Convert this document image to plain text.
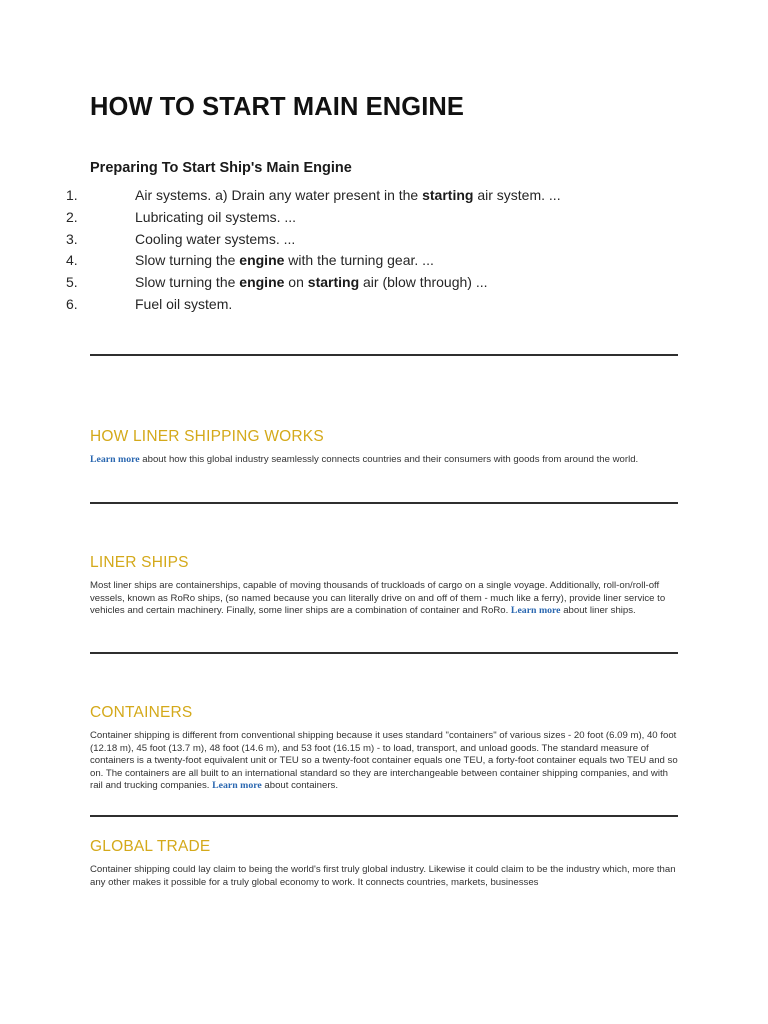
HOW TO START MAIN ENGINE
Preparing To Start Ship's Main Engine
1.	Air systems. a) Drain any water present in the starting air system. ...
2.	Lubricating oil systems. ...
3.	Cooling water systems. ...
4.	Slow turning the engine with the turning gear. ...
5.	Slow turning the engine on starting air (blow through) ...
6.	Fuel oil system.
HOW LINER SHIPPING WORKS

Learn more about how this global industry seamlessly connects countries and their consumers with goods from around the world.

LINER SHIPS

Most liner ships are containerships, capable of moving thousands of truckloads of cargo on a single voyage. Additionally, roll-on/roll-off vessels, known as RoRo ships, (so named because you can literally drive on and off of them - much like a ferry), provide liner service to vehicles and certain machinery. Finally, some liner ships are a combination of container and RoRo. Learn more about liner ships.

CONTAINERS

Container shipping is different from conventional shipping because it uses standard "containers" of various sizes - 20 foot (6.09 m), 40 foot (12.18 m), 45 foot (13.7 m), 48 foot (14.6 m), and 53 foot (16.15 m) - to load, transport, and unload goods. The standard measure of containers is a twenty-foot equivalent unit or TEU so a twenty-foot container equals one TEU, a forty-foot container equals two TEU and so on. The containers are all built to an international standard so they are interchangeable between container shipping companies, and with rail and trucking companies. Learn more about containers.

GLOBAL TRADE

Container shipping could lay claim to being the world's first truly global industry. Likewise it could claim to be the industry which, more than any other makes it possible for a truly global economy to work. It connects countries, markets, businesses
